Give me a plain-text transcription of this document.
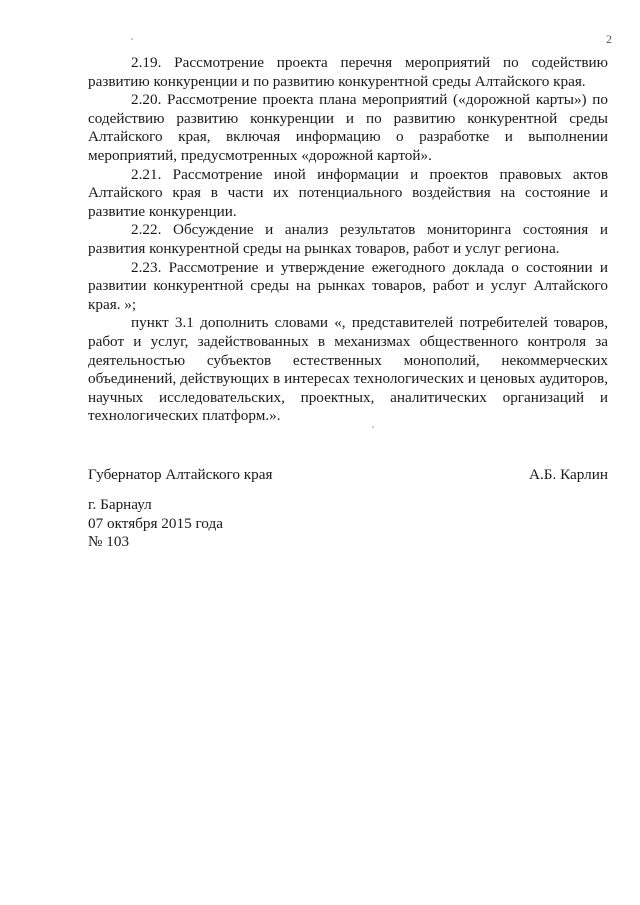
2

2.19. Рассмотрение проекта перечня мероприятий по содействию развитию конкуренции и по развитию конкурентной среды Алтайского края.

2.20. Рассмотрение проекта плана мероприятий («дорожной карты») по содействию развитию конкуренции и по развитию конкурентной среды Алтайского края, включая информацию о разработке и выполнении мероприятий, предусмотренных «дорожной картой».

2.21. Рассмотрение иной информации и проектов правовых актов Алтайского края в части их потенциального воздействия на состояние и развитие конкуренции.

2.22. Обсуждение и анализ результатов мониторинга состояния и развития конкурентной среды на рынках товаров, работ и услуг региона.

2.23. Рассмотрение и утверждение ежегодного доклада о состоянии и развитии конкурентной среды на рынках товаров, работ и услуг Алтайского края. »;

пункт 3.1 дополнить словами «, представителей потребителей товаров, работ и услуг, задействованных в механизмах общественного контроля за деятельностью субъектов естественных монополий, некоммерческих объединений, действующих в интересах технологических и ценовых аудиторов, научных исследовательских, проектных, аналитических организаций и технологических платформ.».

Губернатор Алтайского края	А.Б. Карлин
г. Барнаул
07 октября 2015 года
№ 103
